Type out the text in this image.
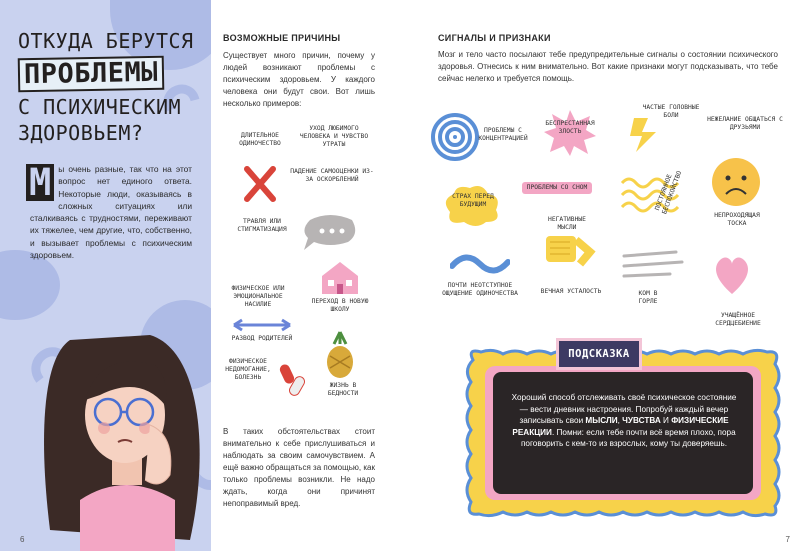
ОТКУДА БЕРУТСЯ
ПРОБЛЕМЫ
С ПСИХИЧЕСКИМ
ЗДОРОВЬЕМ?
М ы очень разные, так что на этот вопрос нет единого ответа. Некоторые люди, оказываясь в сложных ситуациях или сталкиваясь с трудностями, переживают их тяжелее, чем другие, что, собственно, и вызывает проблемы с психическим здоровьем.
6
ВОЗМОЖНЫЕ ПРИЧИНЫ
Существует много причин, почему у людей возникают проблемы с психическим здоровьем. У каждого человека они будут свои. Вот лишь несколько примеров:
ДЛИТЕЛЬНОЕ ОДИНОЧЕСТВО
УХОД ЛЮБИМОГО ЧЕЛОВЕКА И ЧУВСТВО УТРАТЫ
ПАДЕНИЕ САМООЦЕНКИ ИЗ-ЗА ОСКОРБЛЕНИЙ
ТРАВЛЯ ИЛИ СТИГМАТИЗАЦИЯ
ФИЗИЧЕСКОЕ ИЛИ ЭМОЦИОНАЛЬНОЕ НАСИЛИЕ
РАЗВОД РОДИТЕЛЕЙ
ПЕРЕХОД В НОВУЮ ШКОЛУ
ФИЗИЧЕСКОЕ НЕДОМОГАНИЕ, БОЛЕЗНЬ
ЖИЗНЬ В БЕДНОСТИ
В таких обстоятельствах стоит внимательно к себе прислушиваться и наблюдать за своим самочувствием. А ещё важно обращаться за помощью, как только проблемы возникли. Не надо ждать, когда они причинят непоправимый вред.
СИГНАЛЫ И ПРИЗНАКИ
Мозг и тело часто посылают тебе предупредительные сигналы о состоянии психического здоровья. Отнесись к ним внимательно. Вот какие признаки могут подсказывать, что тебе сейчас нелегко и требуется помощь.
ПРОБЛЕМЫ С КОНЦЕНТРАЦИЕЙ
БЕСПРЕСТАННАЯ ЗЛОСТЬ
ЧАСТЫЕ ГОЛОВНЫЕ БОЛИ
НЕЖЕЛАНИЕ ОБЩАТЬСЯ С ДРУЗЬЯМИ
СТРАХ ПЕРЕД БУДУЩИМ
ПРОБЛЕМЫ СО СНОМ	ПОСТОЯННОЕ БЕСПОКОЙСТВО
НЕПРОХОДЯЩАЯ ТОСКА
НЕГАТИВНЫЕ МЫСЛИ
ПОЧТИ НЕОТСТУПНОЕ ОЩУЩЕНИЕ ОДИНОЧЕСТВА	ВЕЧНАЯ УСТАЛОСТЬ	КОМ В ГОРЛЕ
УЧАЩЁННОЕ СЕРДЦЕБИЕНИЕ
ПОДСКАЗКА
Хороший способ отслеживать своё психическое состояние — вести дневник настроения. Попробуй каждый вечер записывать свои МЫСЛИ, ЧУВСТВА И ФИЗИЧЕСКИЕ РЕАКЦИИ. Помни: если тебе почти всё время плохо, пора поговорить с кем-то из взрослых, кому ты доверяешь.
7
